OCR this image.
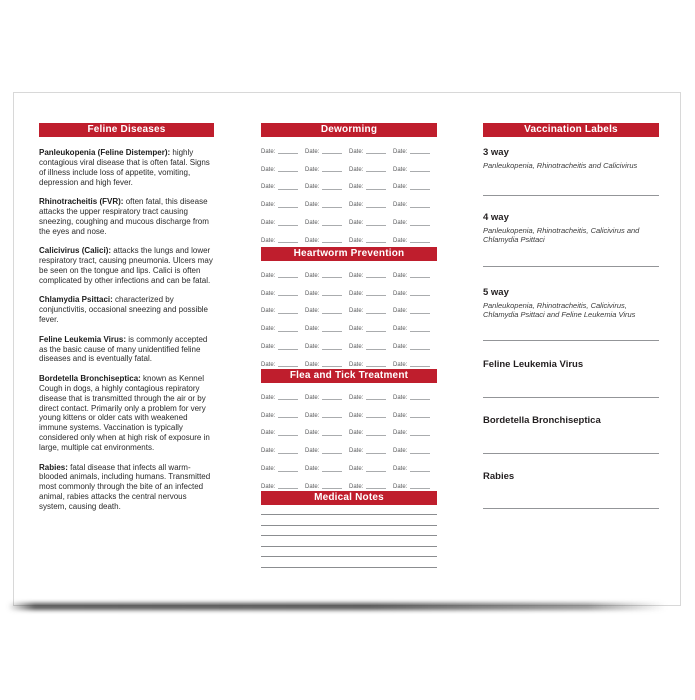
Feline Diseases

Panleukopenia (Feline Distemper): highly contagious viral disease that is often fatal. Signs of illness include loss of appetite, vomiting, depression and high fever.

Rhinotracheitis (FVR): often fatal, this disease attacks the upper respiratory tract causing sneezing, coughing and mucous discharge from the eyes and nose.

Calicivirus (Calici): attacks the lungs and lower respiratory tract, causing pneumonia. Ulcers may be seen on the tongue and lips. Calici is often complicated by other infections and can be fatal.

Chlamydia Psittaci: characterized by conjunctivitis, occasional sneezing and possible fever.

Feline Leukemia Virus: is commonly accepted as the basic cause of many unidentified feline diseases and is eventually fatal.

Bordetella Bronchiseptica: known as Kennel Cough in dogs, a highly contagious repiratory disease that is transmitted through the air or by direct contact. Primarily only a problem for very young kittens or older cats with weakened immune systems. Vaccination is typically considered only when at high risk of exposure in large, multiple cat environments.

Rabies: fatal disease that infects all warm-blooded animals, including humans. Transmitted most commonly through the bite of an infected animal, rabies attacks the central nervous system, causing death.

Deworming
Date:	Date:	Date:	Date:
Date:	Date:	Date:	Date:
Date:	Date:	Date:	Date:
Date:	Date:	Date:	Date:
Date:	Date:	Date:	Date:
Date:	Date:	Date:	Date:
Heartworm Prevention
Date:	Date:	Date:	Date:
Date:	Date:	Date:	Date:
Date:	Date:	Date:	Date:
Date:	Date:	Date:	Date:
Date:	Date:	Date:	Date:
Date:	Date:	Date:	Date:
Flea and Tick Treatment
Date:	Date:	Date:	Date:
Date:	Date:	Date:	Date:
Date:	Date:	Date:	Date:
Date:	Date:	Date:	Date:
Date:	Date:	Date:	Date:
Date:	Date:	Date:	Date:
Medical Notes
Vaccination Labels
3 way
Panleukopenia, Rhinotracheitis and Calicivirus
4 way
Panleukopenia, Rhinotracheitis, Calicivirus and Chlamydia Psittaci
5 way
Panleukopenia, Rhinotracheitis, Calicivirus, Chlamydia Psittaci and Feline Leukemia Virus
Feline Leukemia Virus
Bordetella Bronchiseptica
Rabies
